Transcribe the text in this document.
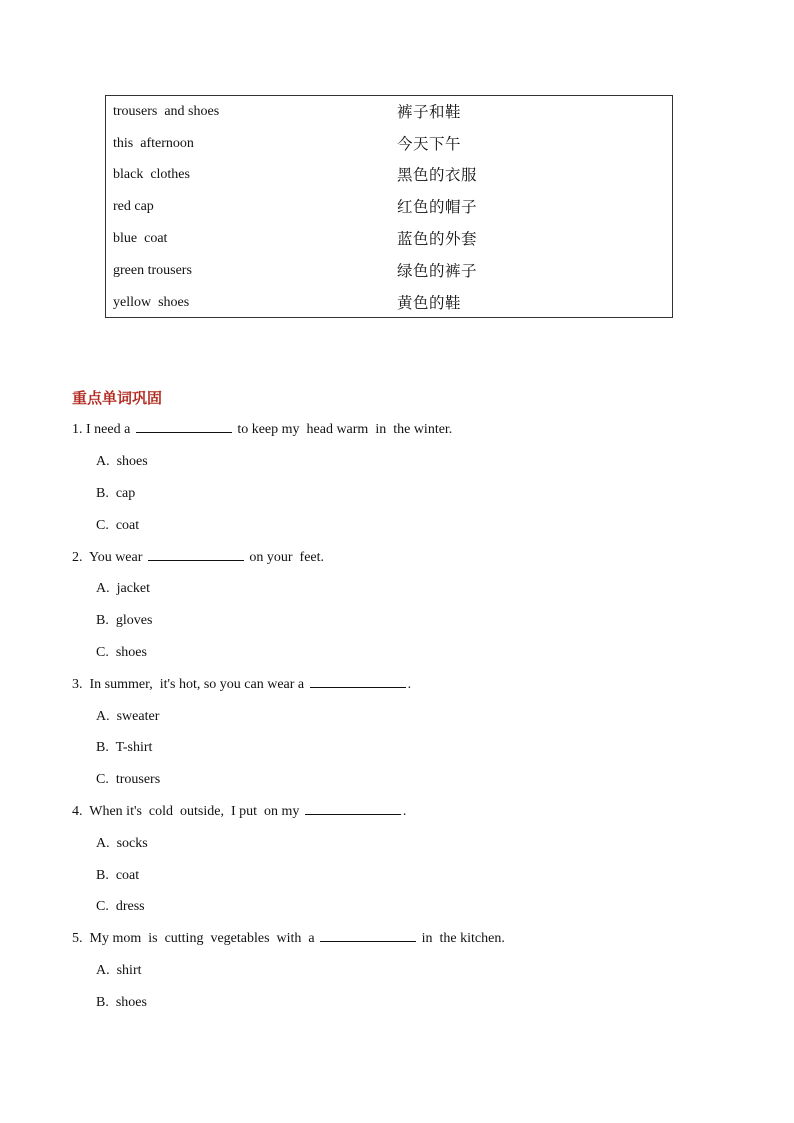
trousers  and shoes	裤子和鞋
this  afternoon	今天下午
black  clothes	黑色的衣服
red cap	红色的帽子
blue  coat	蓝色的外套
green trousers	绿色的裤子
yellow  shoes	黄色的鞋
重点单词巩固
1. I need a	to keep my  head warm  in  the winter.
A.  shoes
B.  cap
C.  coat
2.  You wear	on your  feet.
A.  jacket
B.  gloves
C.  shoes
3.  In summer,  it's hot, so you can wear a	.
A.  sweater
B.  T-shirt
C.  trousers
4.  When it's  cold  outside,  I put  on my	.
A.  socks
B.  coat
C.  dress
5.  My mom  is  cutting  vegetables  with  a	in  the kitchen.
A.  shirt
B.  shoes
